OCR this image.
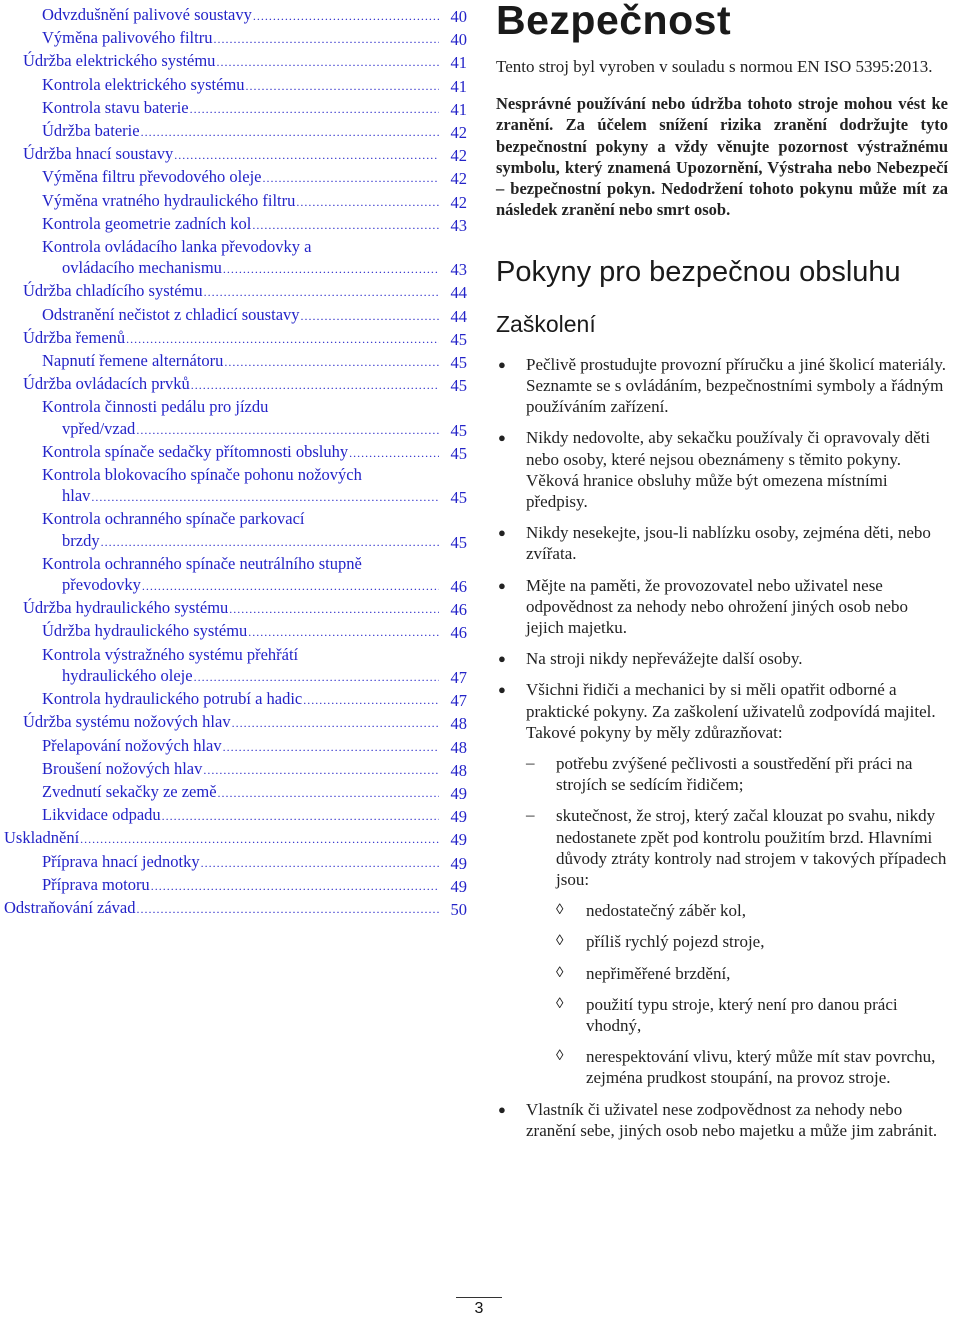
Odvzdušnění palivové soustavy .....	40
Výměna palivového filtru .....	40
Údržba elektrického systému .....	41
Kontrola elektrického systému .....	41
Kontrola stavu baterie .....	41
Údržba baterie .....	42
Údržba hnací soustavy .....	42
Výměna filtru převodového oleje .....	42
Výměna vratného hydraulického filtru .....	42
Kontrola geometrie zadních kol .....	43
Kontrola ovládacího lanka převodovky a
ovládacího mechanismu .....	43
Údržba chladícího systému .....	44
Odstranění nečistot z chladicí soustavy .....	44
Údržba řemenů .....	45
Napnutí řemene alternátoru .....	45
Údržba ovládacích prvků .....	45
Kontrola činnosti pedálu pro jízdu
vpřed/vzad .....	45
Kontrola spínače sedačky přítomnosti obsluhy .....	45
Kontrola blokovacího spínače pohonu nožových
hlav .....	45
Kontrola ochranného spínače parkovací
brzdy .....	45
Kontrola ochranného spínače neutrálního stupně
převodovky .....	46
Údržba hydraulického systému .....	46
Údržba hydraulického systému .....	46
Kontrola výstražného systému přehřátí
hydraulického oleje .....	47
Kontrola hydraulického potrubí a hadic .....	47
Údržba systému nožových hlav .....	48
Přelapování nožových hlav .....	48
Broušení nožových hlav .....	48
Zvednutí sekačky ze země .....	49
Likvidace odpadu .....	49
Uskladnění .....	49
Příprava hnací jednotky .....	49
Příprava motoru .....	49
Odstraňování závad .....	50
Bezpečnost

Tento stroj byl vyroben v souladu s normou EN ISO 5395:2013.

Nesprávné používání nebo údržba tohoto stroje mohou vést ke zranění. Za účelem snížení rizika zranění dodržujte tyto bezpečnostní pokyny a vždy věnujte pozornost výstražnému symbolu, který znamená Upozornění, Výstraha nebo Nebezpečí – bezpečnostní pokyn. Nedodržení tohoto pokynu může mít za následek zranění nebo smrt osob.

Pokyny pro bezpečnou obsluhu
Zaškolení
● Pečlivě prostudujte provozní příručku a jiné školicí materiály. Seznamte se s ovládáním, bezpečnostními symboly a řádným používáním zařízení.
● Nikdy nedovolte, aby sekačku používaly či opravovaly děti nebo osoby, které nejsou obeznámeny s těmito pokyny. Věková hranice obsluhy může být omezena místními předpisy.
● Nikdy nesekejte, jsou-li nablízku osoby, zejména děti, nebo zvířata.
● Mějte na paměti, že provozovatel nebo uživatel nese odpovědnost za nehody nebo ohrožení jiných osob nebo jejich majetku.
● Na stroji nikdy nepřevážejte další osoby.
● Všichni řidiči a mechanici by si měli opatřit odborné a praktické pokyny. Za zaškolení uživatelů zodpovídá majitel. Takové pokyny by měly zdůrazňovat:
– potřebu zvýšené pečlivosti a soustředění při práci na strojích se sedícím řidičem;
– skutečnost, že stroj, který začal klouzat po svahu, nikdy nedostanete zpět pod kontrolu použitím brzd. Hlavními důvody ztráty kontroly nad strojem v takových případech jsou:
◊ nedostatečný záběr kol,
◊ příliš rychlý pojezd stroje,
◊ nepřiměřené brzdění,
◊ použití typu stroje, který není pro danou práci vhodný,
◊ nerespektování vlivu, který může mít stav povrchu, zejména prudkost stoupání, na provoz stroje.
● Vlastník či uživatel nese zodpovědnost za nehody nebo zranění sebe, jiných osob nebo majetku a může jim zabránit.
3
